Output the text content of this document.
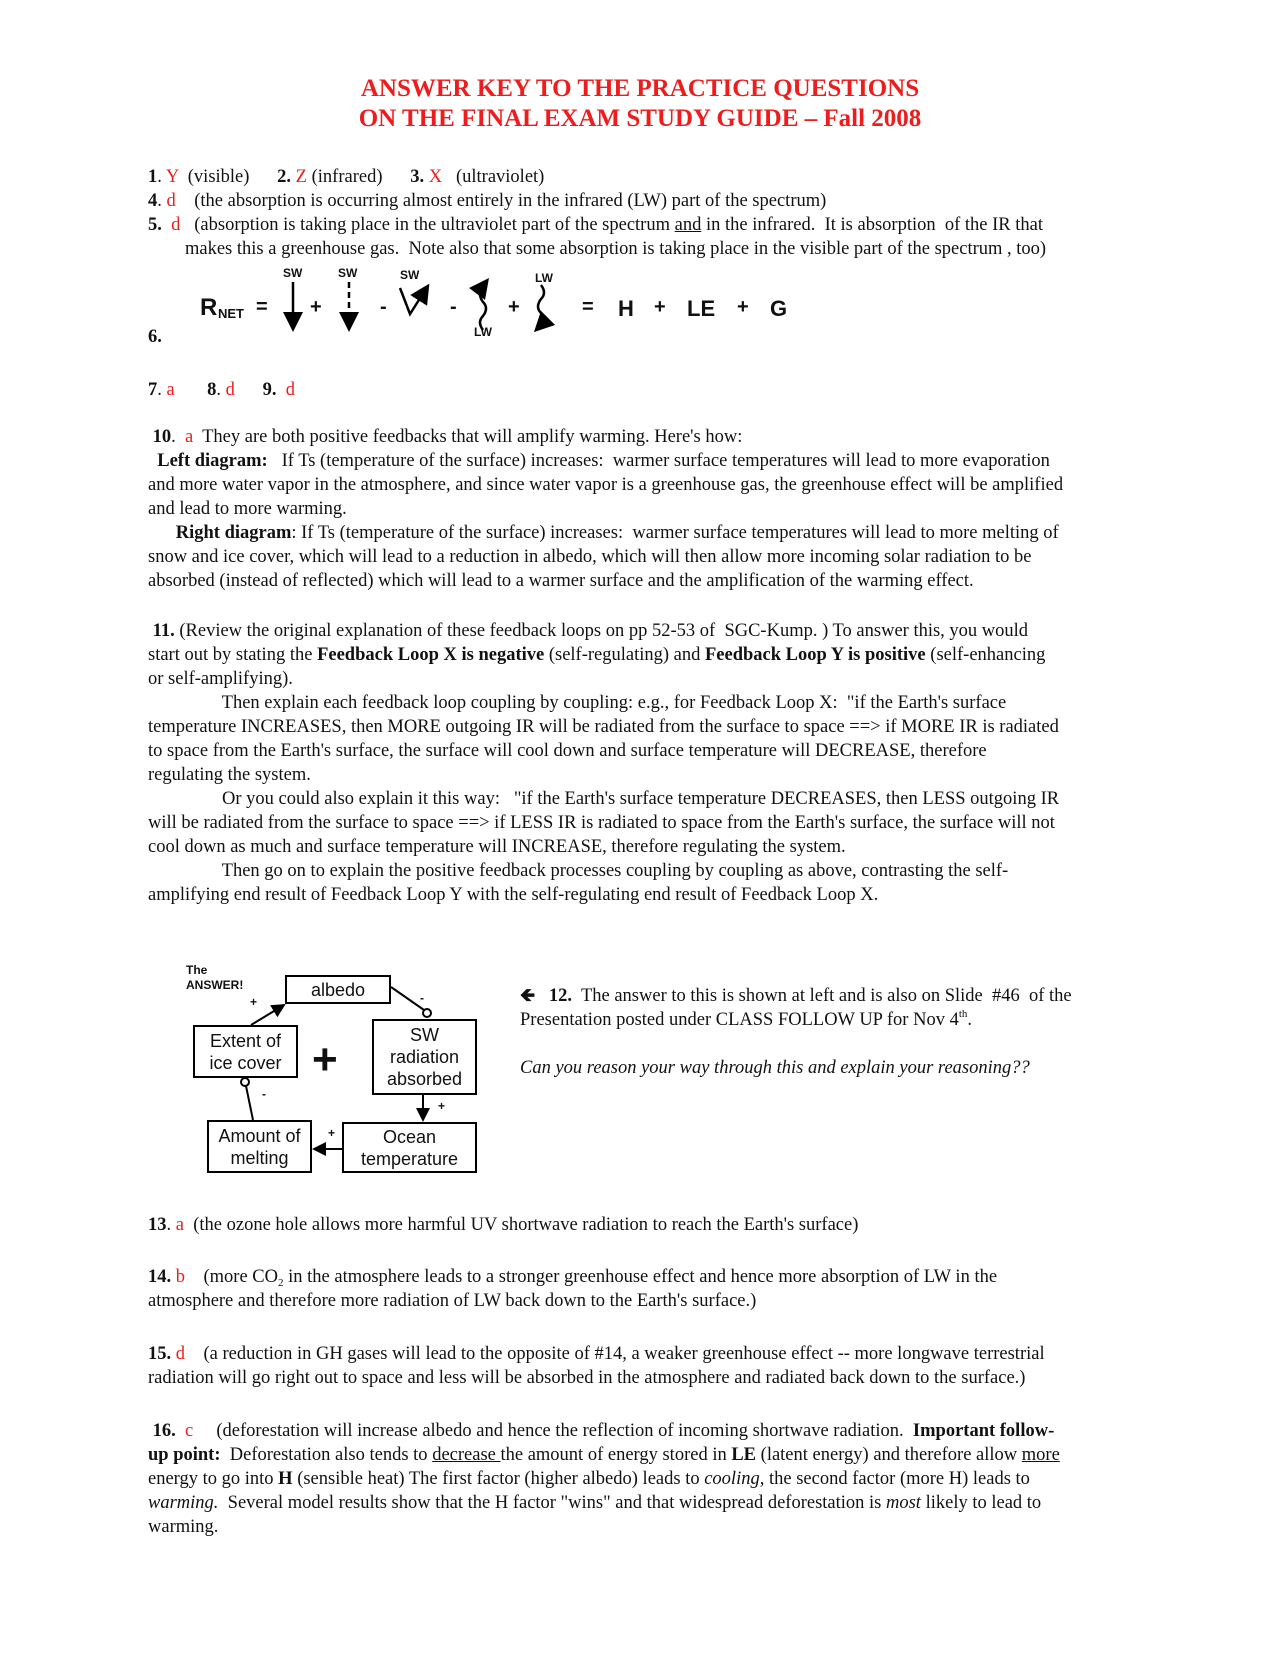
ANSWER KEY TO THE PRACTICE QUESTIONS
ON THE FINAL EXAM STUDY GUIDE – Fall 2008
1. Y  (visible)      2. Z (infrared)      3. X   (ultraviolet)
4. d    (the absorption is occurring almost entirely in the infrared (LW) part of the spectrum)
5. d   (absorption is taking place in the ultraviolet part of the spectrum and in the infrared.  It is absorption  of the IR that
makes this a greenhouse gas.  Note also that some absorption is taking place in the visible part of the spectrum , too)
6.
7. a 8. d 9. d
10.  a  They are both positive feedbacks that will amplify warming. Here's how:
Left diagram:   If Ts (temperature of the surface) increases:  warmer surface temperatures will lead to more evaporation
and more water vapor in the atmosphere, and since water vapor is a greenhouse gas, the greenhouse effect will be amplified
and lead to more warming.
Right diagram: If Ts (temperature of the surface) increases:  warmer surface temperatures will lead to more melting of
snow and ice cover, which will lead to a reduction in albedo, which will then allow more incoming solar radiation to be
absorbed (instead of reflected) which will lead to a warmer surface and the amplification of the warming effect.
11. (Review the original explanation of these feedback loops on pp 52-53 of  SGC-Kump. ) To answer this, you would
start out by stating the Feedback Loop X is negative (self-regulating) and Feedback Loop Y is positive (self-enhancing
or self-amplifying).
Then explain each feedback loop coupling by coupling: e.g., for Feedback Loop X:  "if the Earth's surface
temperature INCREASES, then MORE outgoing IR will be radiated from the surface to space ==> if MORE IR is radiated
to space from the Earth's surface, the surface will cool down and surface temperature will DECREASE, therefore
regulating the system.
Or you could also explain it this way:   "if the Earth's surface temperature DECREASES, then LESS outgoing IR
will be radiated from the surface to space ==> if LESS IR is radiated to space from the Earth's surface, the surface will not
cool down as much and surface temperature will INCREASE, therefore regulating the system.
Then go on to explain the positive feedback processes coupling by coupling as above, contrasting the self-
amplifying end result of Feedback Loop Y with the self-regulating end result of Feedback Loop X.
🡸   12.  The answer to this is shown at left and is also on Slide  #46  of the
Presentation posted under CLASS FOLLOW UP for Nov 4th.
Can you reason your way through this and explain your reasoning??
13. a  (the ozone hole allows more harmful UV shortwave radiation to reach the Earth's surface)
14. b    (more $CO_2$ in the atmosphere leads to a stronger greenhouse effect and hence more absorption of LW in the
atmosphere and therefore more radiation of LW back down to the Earth's surface.)
15. d    (a reduction in GH gases will lead to the opposite of #14, a weaker greenhouse effect -- more longwave terrestrial
radiation will go right out to space and less will be absorbed in the atmosphere and radiated back down to the surface.)
16. c     (deforestation will increase albedo and hence the reflection of incoming shortwave radiation.  Important follow-
up point:  Deforestation also tends to decrease the amount of energy stored in LE (latent energy) and therefore allow more
energy to go into H (sensible heat) The first factor (higher albedo) leads to cooling, the second factor (more H) leads to
warming.  Several model results show that the H factor "wins" and that widespread deforestation is most likely to lead to
warming.
R NET =
SW	SW	SW	LW
LW
+	-	-	+	= H + LE + G
The
ANSWER!	albedo
Extent of
ice cover
SW
radiation
absorbed
Amount of
melting
Ocean
temperature
+
+	-
+
+
-
